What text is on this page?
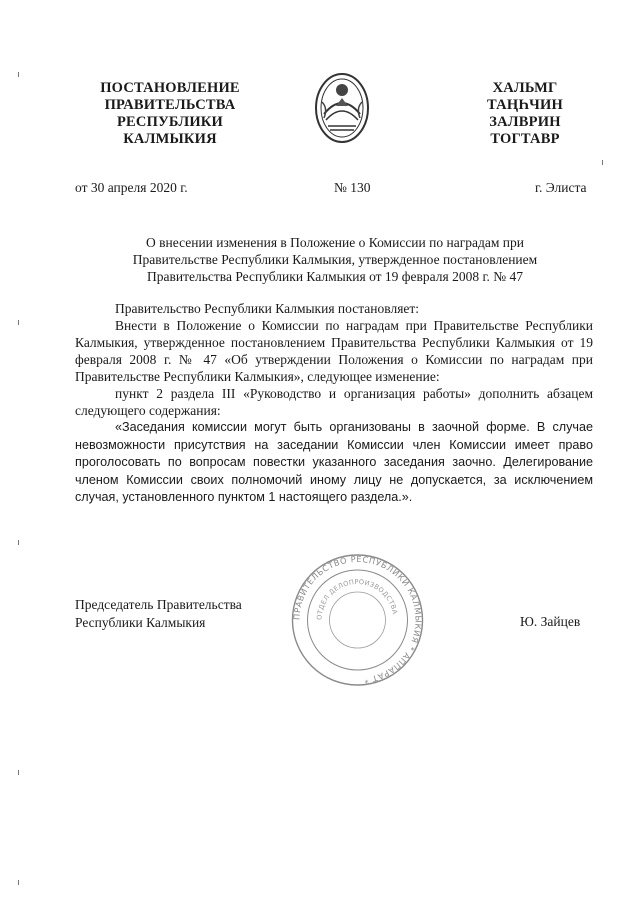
ПОСТАНОВЛЕНИЕ
ПРАВИТЕЛЬСТВА
РЕСПУБЛИКИ
КАЛМЫКИЯ
ХАЛЬМГ
ТАҢҺЧИН
ЗАЛВРИН
ТОГТАВР
от 30 апреля 2020 г.	№ 130	г. Элиста
О внесении изменения в Положение о Комиссии по наградам при
Правительстве Республики Калмыкия, утвержденное постановлением
Правительства Республики Калмыкия от 19 февраля 2008 г. № 47

Правительство Республики Калмыкия постановляет:

Внести в Положение о Комиссии по наградам при Правительстве Республики Калмыкия, утвержденное постановлением Правительства Республики Калмыкия от 19 февраля 2008 г. № 47 «Об утверждении Положения о Комиссии по наградам при Правительстве Республики Калмыкия», следующее изменение:

пункт 2 раздела III «Руководство и организация работы» дополнить абзацем следующего содержания:

«Заседания комиссии могут быть организованы в заочной форме. В случае невозможности присутствия на заседании Комиссии член Комиссии имеет право проголосовать по вопросам повестки указанного заседания заочно. Делегирование членом Комиссии своих полномочий иному лицу не допускается, за исключением случая, установленного пунктом 1 настоящего раздела.».

ПРАВИТЕЛЬСТВО РЕСПУБЛИКИ КАЛМЫКИЯ * АППАРАТ *
ОТДЕЛ ДЕЛОПРОИЗВОДСТВА
Председатель Правительства
Республики Калмыкия	Ю. Зайцев
